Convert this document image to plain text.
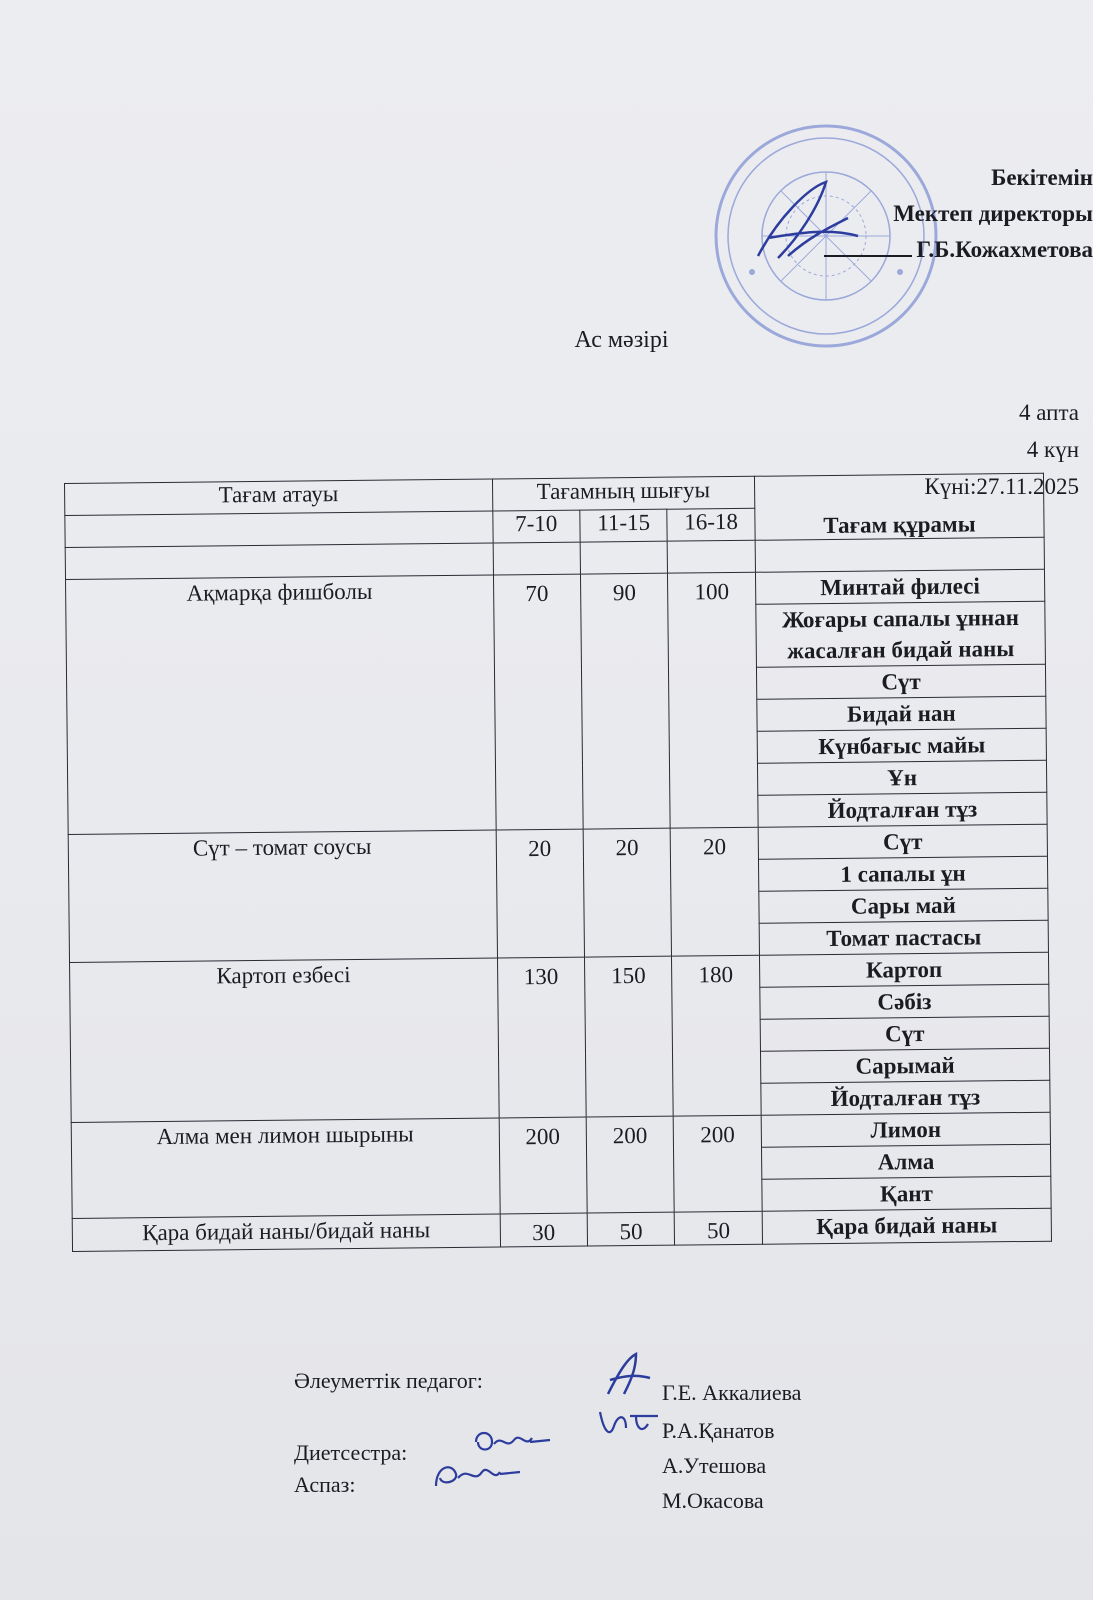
Бекітемін
Мектеп директоры
Г.Б.Кожахметова
Ас мәзірі
4 апта
4 күн
Күні:27.11.2025
Тағам атауы	Тағамның шығуы			Тағам құрамы
	7-10	11-15	16-18	

Ақмарқа фишболы	70	90	100	Минтай филесі
				Жоғары сапалы ұннан жасалған бидай наны
				Сүт
				Бидай нан
				Күнбағыс майы
				Ұн
				Йодталған тұз
Сүт – томат соусы	20	20	20	Сүт
				1 сапалы ұн
				Сары май
				Томат пастасы
Картоп езбесі	130	150	180	Картоп
				Сәбіз
				Сүт
				Сарымай
				Йодталған тұз
Алма мен лимон шырыны	200	200	200	Лимон
				Алма
				Қант
Қара бидай наны/бидай наны	30	50	50	Қара бидай наны
Әлеуметтік педагог:	Г.Е. Аккалиева
Р.А.Қанатов
Диетсестра:
А.Утешова
Аспаз:
М.Окасова
